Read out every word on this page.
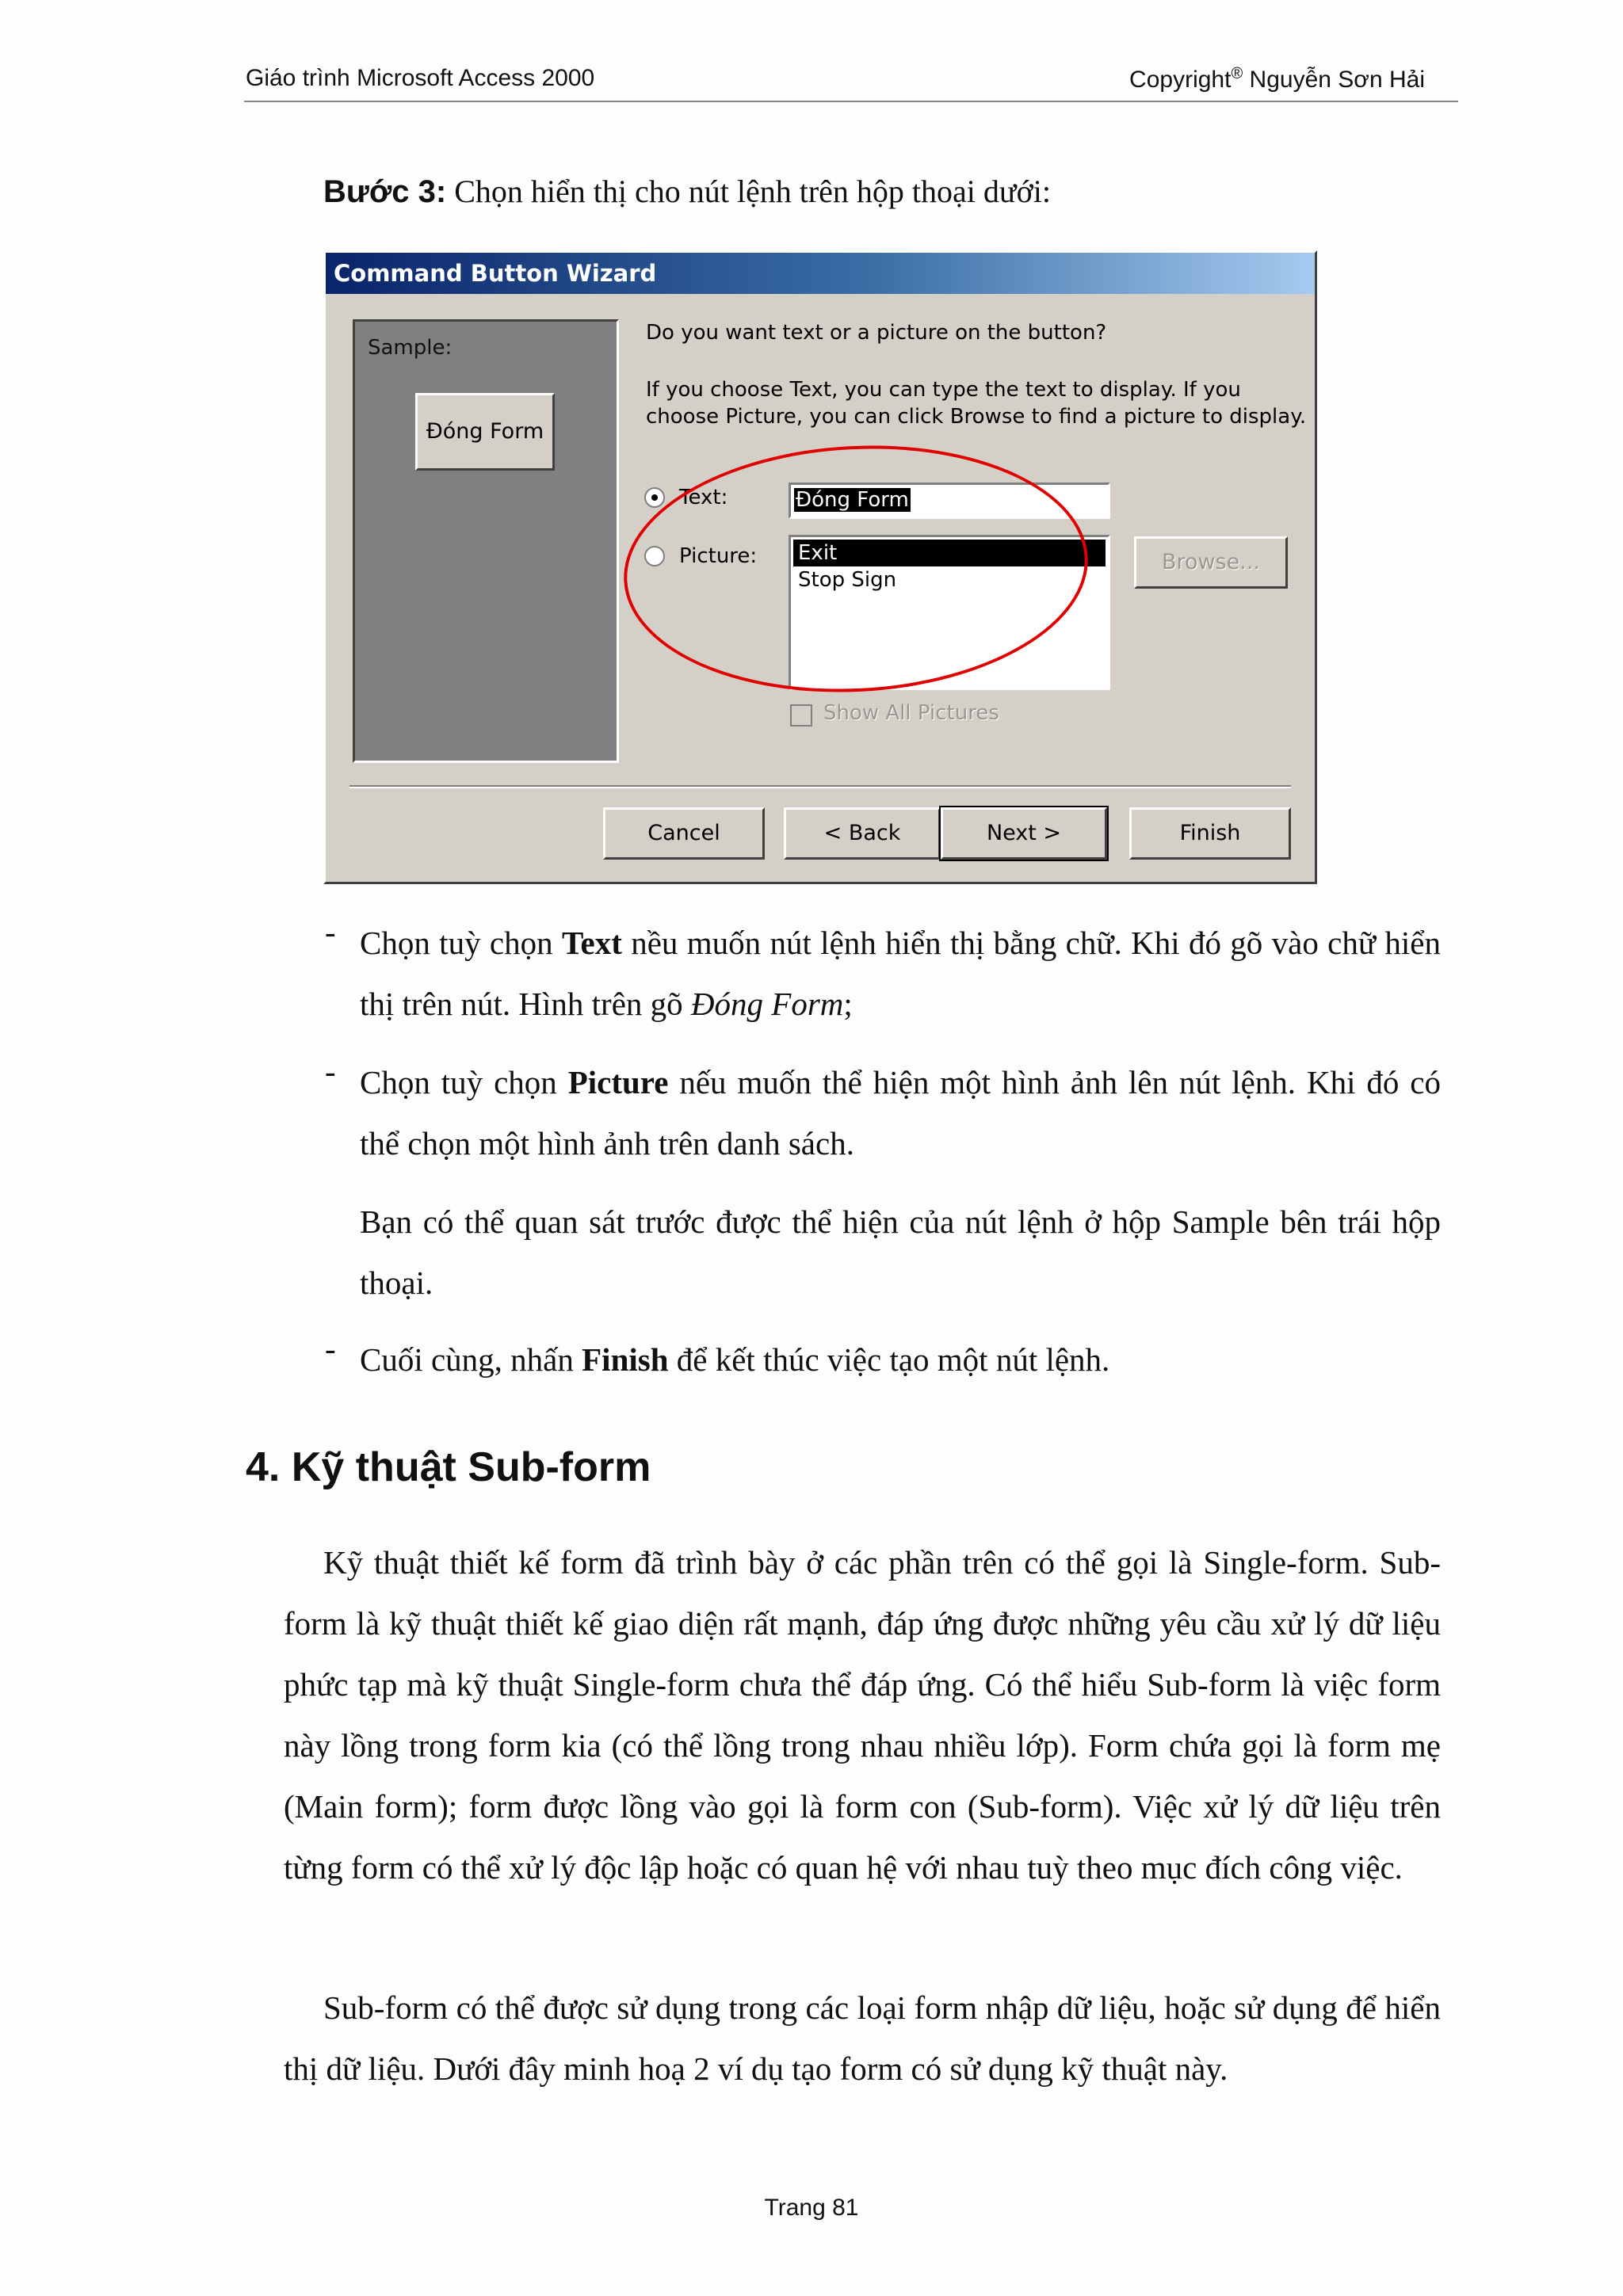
Giáo trình Microsoft Access 2000	Copyright® Nguyễn Sơn Hải
Bước 3: Chọn hiển thị cho nút lệnh trên hộp thoại dưới:
Command Button Wizard
Sample:
Đóng Form
Do you want text or a picture on the button?
If you choose Text, you can type the text to display. If you
choose Picture, you can click Browse to find a picture to display.
Text:
Picture:
Đóng Form
Exit
Stop Sign
Browse...
Show All Pictures
Cancel	< Back	Next >	Finish
- Chọn tuỳ chọn Text nều muốn nút lệnh hiển thị bằng chữ. Khi đó gõ vào chữ hiển thị trên nút. Hình trên gõ Đóng Form;
- Chọn tuỳ chọn Picture nếu muốn thể hiện một hình ảnh lên nút lệnh. Khi đó có thể chọn một hình ảnh trên danh sách.
Bạn có thể quan sát trước được thể hiện của nút lệnh ở hộp Sample bên trái hộp thoại.
- Cuối cùng, nhấn Finish để kết thúc việc tạo một nút lệnh.
4. Kỹ thuật Sub-form
Kỹ thuật thiết kế form đã trình bày ở các phần trên có thể gọi là Single-form. Sub-form là kỹ thuật thiết kế giao diện rất mạnh, đáp ứng được những yêu cầu xử lý dữ liệu phức tạp mà kỹ thuật Single-form chưa thể đáp ứng. Có thể hiểu Sub-form là việc form này lồng trong form kia (có thể lồng trong nhau nhiều lớp). Form chứa gọi là form mẹ (Main form); form được lồng vào gọi là form con (Sub-form). Việc xử lý dữ liệu trên từng form có thể xử lý độc lập hoặc có quan hệ với nhau tuỳ theo mục đích công việc.
Sub-form có thể được sử dụng trong các loại form nhập dữ liệu, hoặc sử dụng để hiển thị dữ liệu. Dưới đây minh hoạ 2 ví dụ tạo form có sử dụng kỹ thuật này.
Trang 81
